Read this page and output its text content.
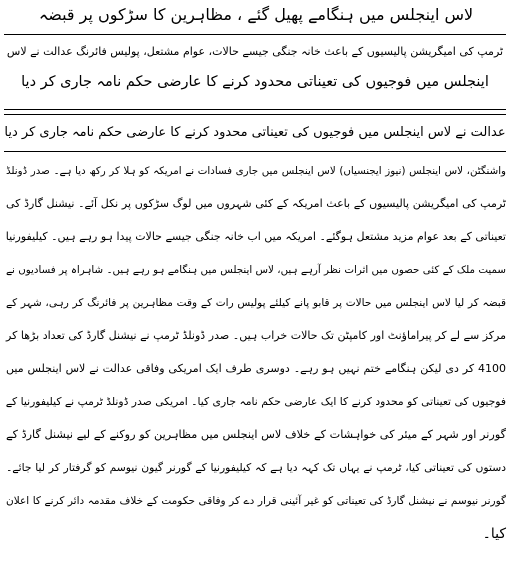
لاس اینجلس میں ہنگامے پھیل گئے ، مظاہرین کا سڑکوں پر قبضہ
ٹرمپ کی امیگریشن پالیسیوں کے باعث خانہ جنگی جیسے حالات، عوام مشتعل، پولیس فائرنگ عدالت نے لاس
اینجلس میں فوجیوں کی تعیناتی محدود کرنے کا عارضی حکم نامہ جاری کر دیا
عدالت نے لاس اینجلس میں فوجیوں کی تعیناتی محدود کرنے کا عارضی حکم نامہ جاری کر دیا
واشنگٹن، لاس اینجلس (نیوز ایجنسیاں) لاس اینجلس میں جاری فسادات نے امریکہ کو ہلا کر رکھ دیا ہے۔ صدر ڈونلڈ
ٹرمپ کی امیگریشن پالیسیوں کے باعث امریکہ کے کئی شہروں میں لوگ سڑکوں پر نکل آئے۔ نیشنل گارڈ کی
تعیناتی کے بعد عوام مزید مشتعل ہوگئے۔ امریکہ میں اب خانہ جنگی جیسے حالات پیدا ہو رہے ہیں۔ کیلیفورنیا
سمیت ملک کے کئی حصوں میں اثرات نظر آرہے ہیں، لاس اینجلس میں ہنگامے ہو رہے ہیں۔ شاہراہ پر فسادیوں نے
قبضہ کر لیا لاس اینجلس میں حالات پر قابو پانے کیلئے پولیس رات کے وقت مظاہرین پر فائرنگ کر رہی، شہر کے
مرکز سے لے کر پیراماؤنٹ اور کامپٹن تک حالات خراب ہیں۔ صدر ڈونلڈ ٹرمپ نے نیشنل گارڈ کی تعداد بڑھا کر
4100 کر دی لیکن ہنگامے ختم نہیں ہو رہے۔ دوسری طرف ایک امریکی وفاقی عدالت نے لاس اینجلس میں
فوجیوں کی تعیناتی کو محدود کرنے کا ایک عارضی حکم نامہ جاری کیا۔ امریکی صدر ڈونلڈ ٹرمپ نے کیلیفورنیا کے
گورنر اور شہر کے میئر کی خواہشات کے خلاف لاس اینجلس میں مظاہرین کو روکنے کے لیے نیشنل گارڈ کے
دستوں کی تعیناتی کیا، ٹرمپ نے یہاں تک کہہ دیا ہے کہ کیلیفورنیا کے گورنر گیون نیوسم کو گرفتار کر لیا جائے۔
گورنر نیوسم نے نیشنل گارڈ کی تعیناتی کو غیر آئینی قرار دے کر وفاقی حکومت کے خلاف مقدمہ دائر کرنے کا اعلان
کیا۔
